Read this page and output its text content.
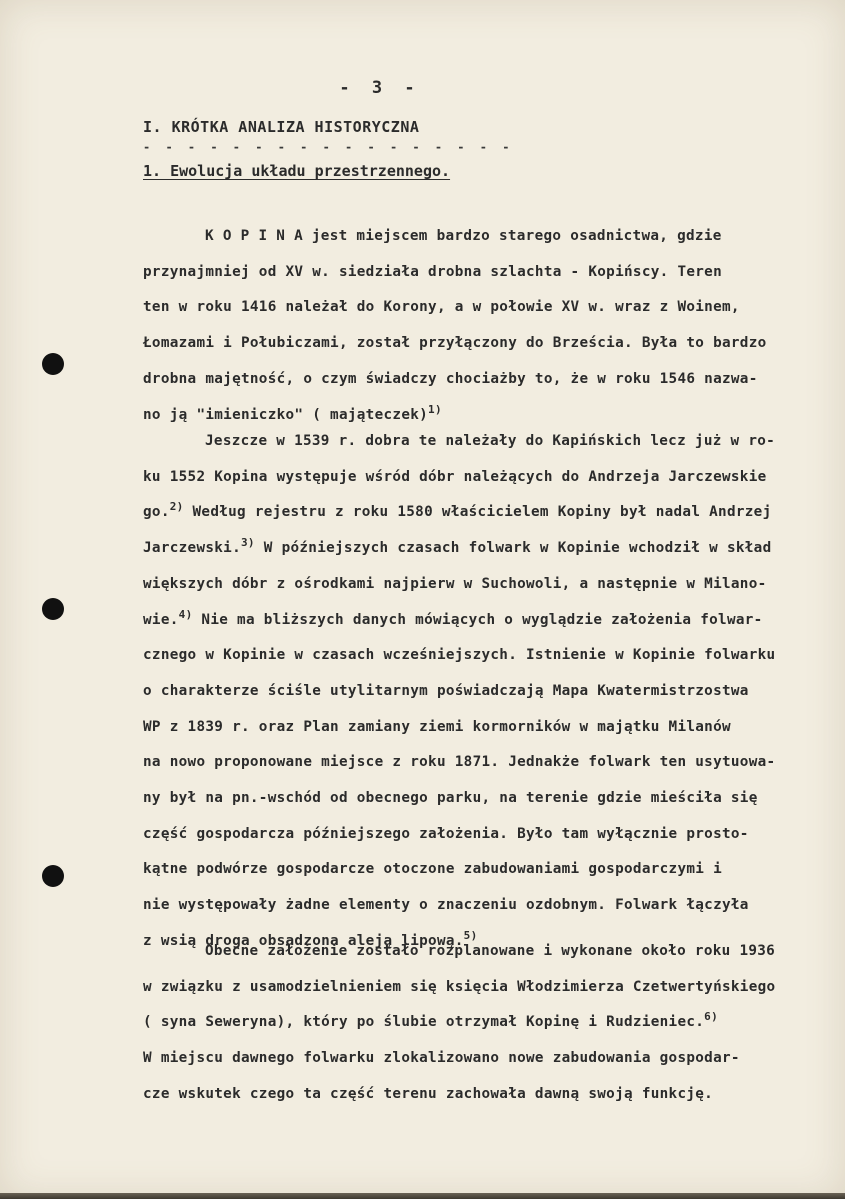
- 3 -
I. KRÓTKA ANALIZA HISTORYCZNA
- - - - - - - - - - - - - - - - -
1. Ewolucja układu przestrzennego.
K O P I N A jest miejscem bardzo starego osadnictwa, gdzie
przynajmniej od XV w. siedziała drobna szlachta - Kopińscy. Teren
ten w roku 1416 należał do Korony, a w połowie XV w. wraz z Woinem,
Łomazami i Połubiczami, został przyłączony do Brześcia. Była to bardzo
drobna majętność, o czym świadczy chociażby to, że w roku 1546 nazwa-
no ją "imieniczko" ( mająteczek)$^{1)}$
Jeszcze w 1539 r. dobra te należały do Kapińskich lecz już w ro-
ku 1552 Kopina występuje wśród dóbr należących do Andrzeja Jarczewskie
go.$^{2)}$ Według rejestru z roku 1580 właścicielem Kopiny był nadal Andrzej
Jarczewski.$^{3)}$ W późniejszych czasach folwark w Kopinie wchodził w skład
większych dóbr z ośrodkami najpierw w Suchowoli, a następnie w Milano-
wie.$^{4)}$ Nie ma bliższych danych mówiących o wyglądzie założenia folwar-
cznego w Kopinie w czasach wcześniejszych. Istnienie w Kopinie folwarku
o charakterze ściśle utylitarnym poświadczają Mapa Kwatermistrzostwa
WP z 1839 r. oraz Plan zamiany ziemi kormorników w majątku Milanów
na nowo proponowane miejsce z roku 1871. Jednakże folwark ten usytuowa-
ny był na pn.-wschód od obecnego parku, na terenie gdzie mieściła się
część gospodarcza późniejszego założenia. Było tam wyłącznie prosto-
kątne podwórze gospodarcze otoczone zabudowaniami gospodarczymi i
nie występowały żadne elementy o znaczeniu ozdobnym. Folwark łączyła
z wsią droga obsadzona aleją lipową.$^{5)}$
Obecne założenie zostało rozplanowane i wykonane około roku 1936
w związku z usamodzielnieniem się księcia Włodzimierza Czetwertyńskiego
( syna Seweryna), który po ślubie otrzymał Kopinę i Rudzieniec.$^{6)}$
W miejscu dawnego folwarku zlokalizowano nowe zabudowania gospodar-
cze wskutek czego ta część terenu zachowała dawną swoją funkcję.
